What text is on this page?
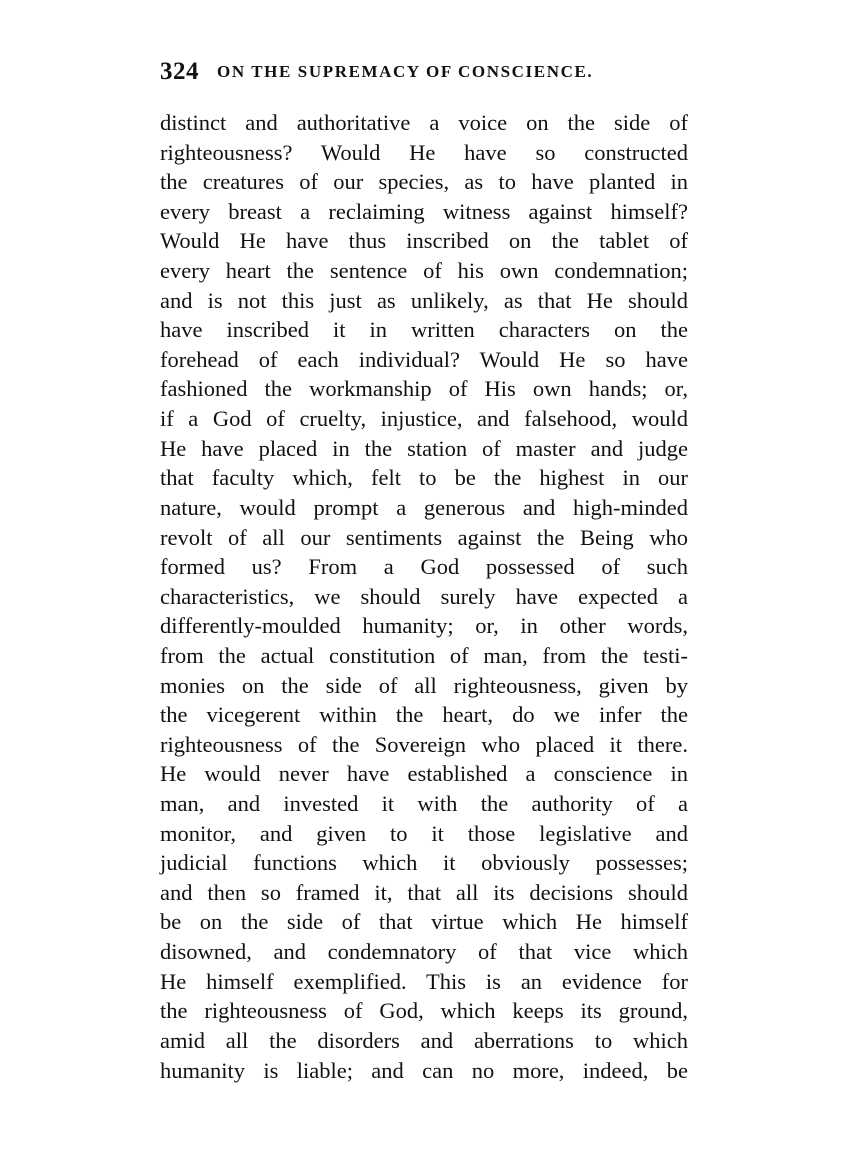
324 ON THE SUPREMACY OF CONSCIENCE.
distinct and authoritative a voice on the side of
righteousness? Would He have so constructed
the creatures of our species, as to have planted in
every breast a reclaiming witness against himself?
Would He have thus inscribed on the tablet of
every heart the sentence of his own condemnation;
and is not this just as unlikely, as that He should
have inscribed it in written characters on the
forehead of each individual? Would He so have
fashioned the workmanship of His own hands; or,
if a God of cruelty, injustice, and falsehood, would
He have placed in the station of master and judge
that faculty which, felt to be the highest in our
nature, would prompt a generous and high-minded
revolt of all our sentiments against the Being who
formed us? From a God possessed of such
characteristics, we should surely have expected a
differently-moulded humanity; or, in other words,
from the actual constitution of man, from the testi-
monies on the side of all righteousness, given by
the vicegerent within the heart, do we infer the
righteousness of the Sovereign who placed it there.
He would never have established a conscience in
man, and invested it with the authority of a
monitor, and given to it those legislative and
judicial functions which it obviously possesses;
and then so framed it, that all its decisions should
be on the side of that virtue which He himself
disowned, and condemnatory of that vice which
He himself exemplified. This is an evidence for
the righteousness of God, which keeps its ground,
amid all the disorders and aberrations to which
humanity is liable; and can no more, indeed, be
